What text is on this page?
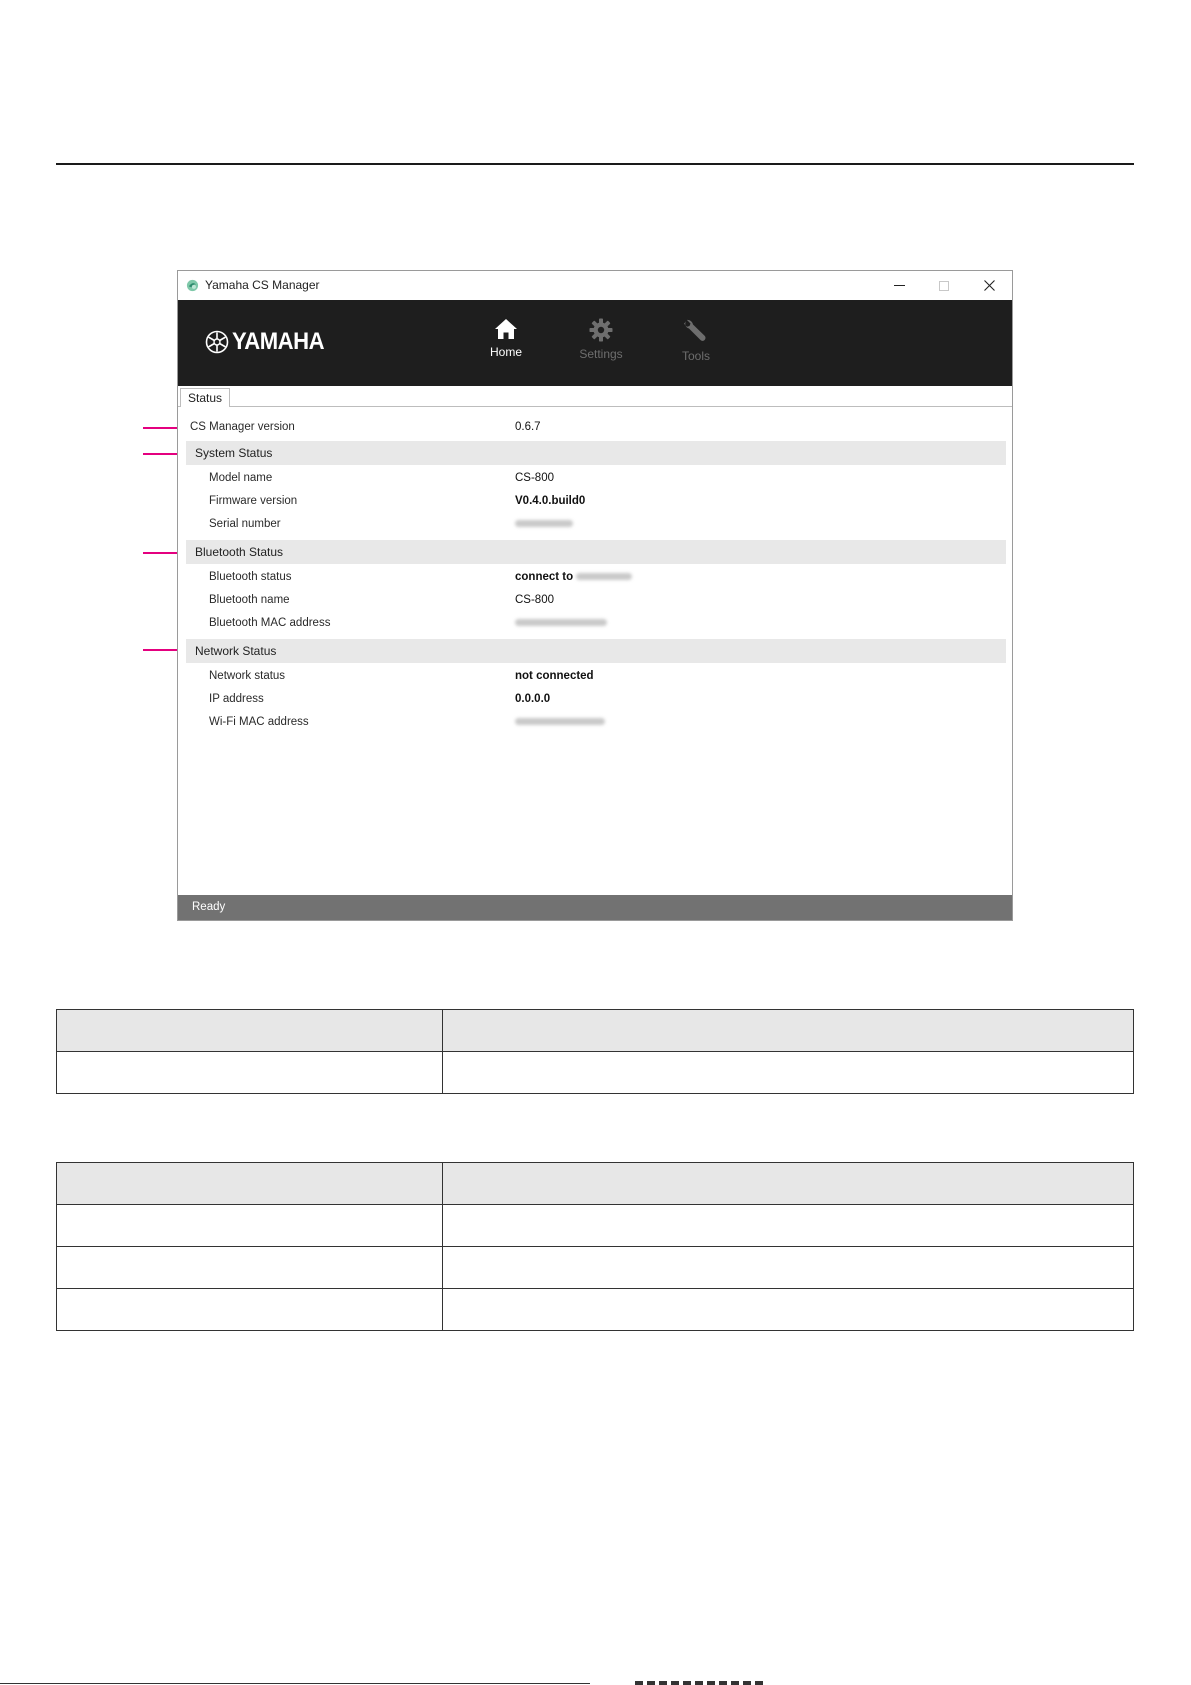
Yamaha CS Manager
YAMAHA	Home	Settings	Tools
Status
CS Manager version	0.6.7
System Status
Model name	CS-800
Firmware version	V0.4.0.build0
Serial number
Bluetooth Status
Bluetooth status	connect to
Bluetooth name	CS-800
Bluetooth MAC address
Network Status
Network status	not connected
IP address	0.0.0.0
Wi-Fi MAC address
Ready
